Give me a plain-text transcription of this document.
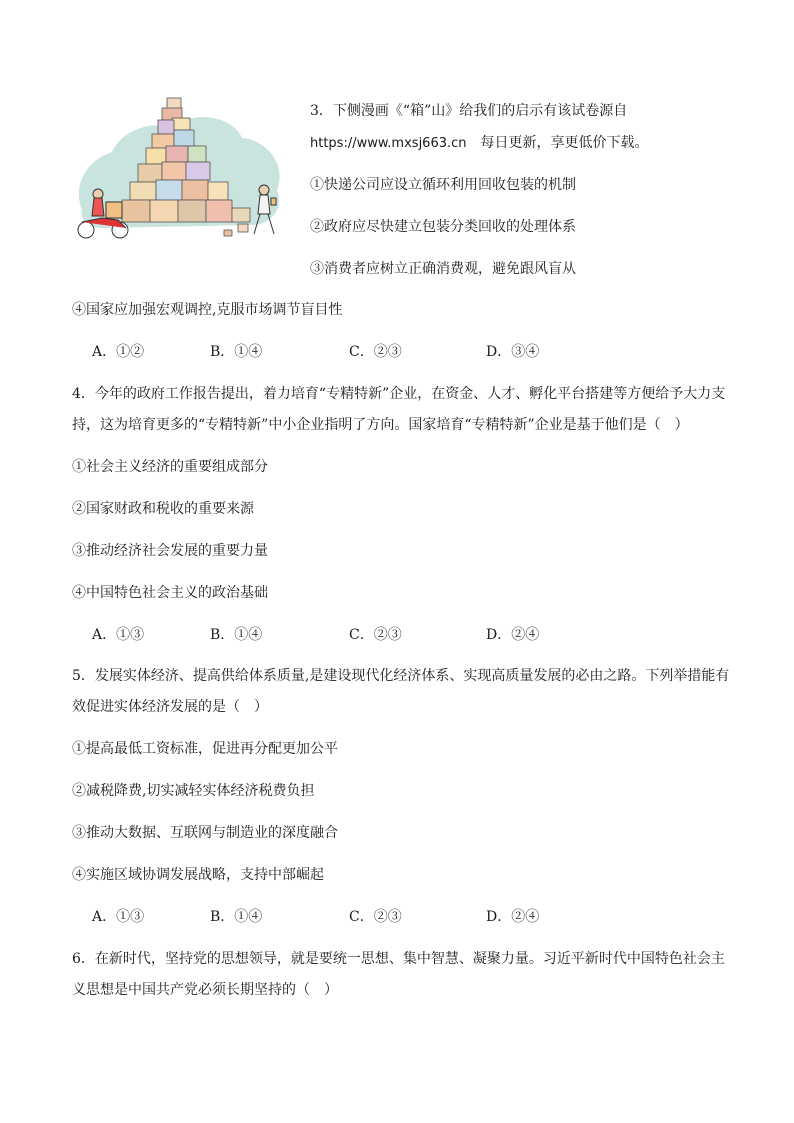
3．下侧漫画《“箱”山》给我们的启示有该试卷源自
https://www.mxsj663.cn　每日更新，享更低价下载。
①快递公司应设立循环利用回收包装的机制
②政府应尽快建立包装分类回收的处理体系
③消费者应树立正确消费观，避免跟风盲从
④国家应加强宏观调控,克服市场调节盲目性
A．①②	B．①④	C．②③	D．③④
4．今年的政府工作报告提出，着力培育“专精特新”企业，在资金、人才、孵化平台搭建等方便给予大力支
持，这为培育更多的“专精特新”中小企业指明了方向。国家培育“专精特新”企业是基于他们是（　）
①社会主义经济的重要组成部分
②国家财政和税收的重要来源
③推动经济社会发展的重要力量
④中国特色社会主义的政治基础
A．①③	B．①④	C．②③	D．②④
5．发展实体经济、提高供给体系质量,是建设现代化经济体系、实现高质量发展的必由之路。下列举措能有
效促进实体经济发展的是（　）
①提高最低工资标准，促进再分配更加公平
②减税降费,切实减轻实体经济税费负担
③推动大数据、互联网与制造业的深度融合
④实施区域协调发展战略，支持中部崛起
A．①③	B．①④	C．②③	D．②④
6．在新时代，坚持党的思想领导，就是要统一思想、集中智慧、凝聚力量。习近平新时代中国特色社会主
义思想是中国共产党必须长期坚持的（　）
